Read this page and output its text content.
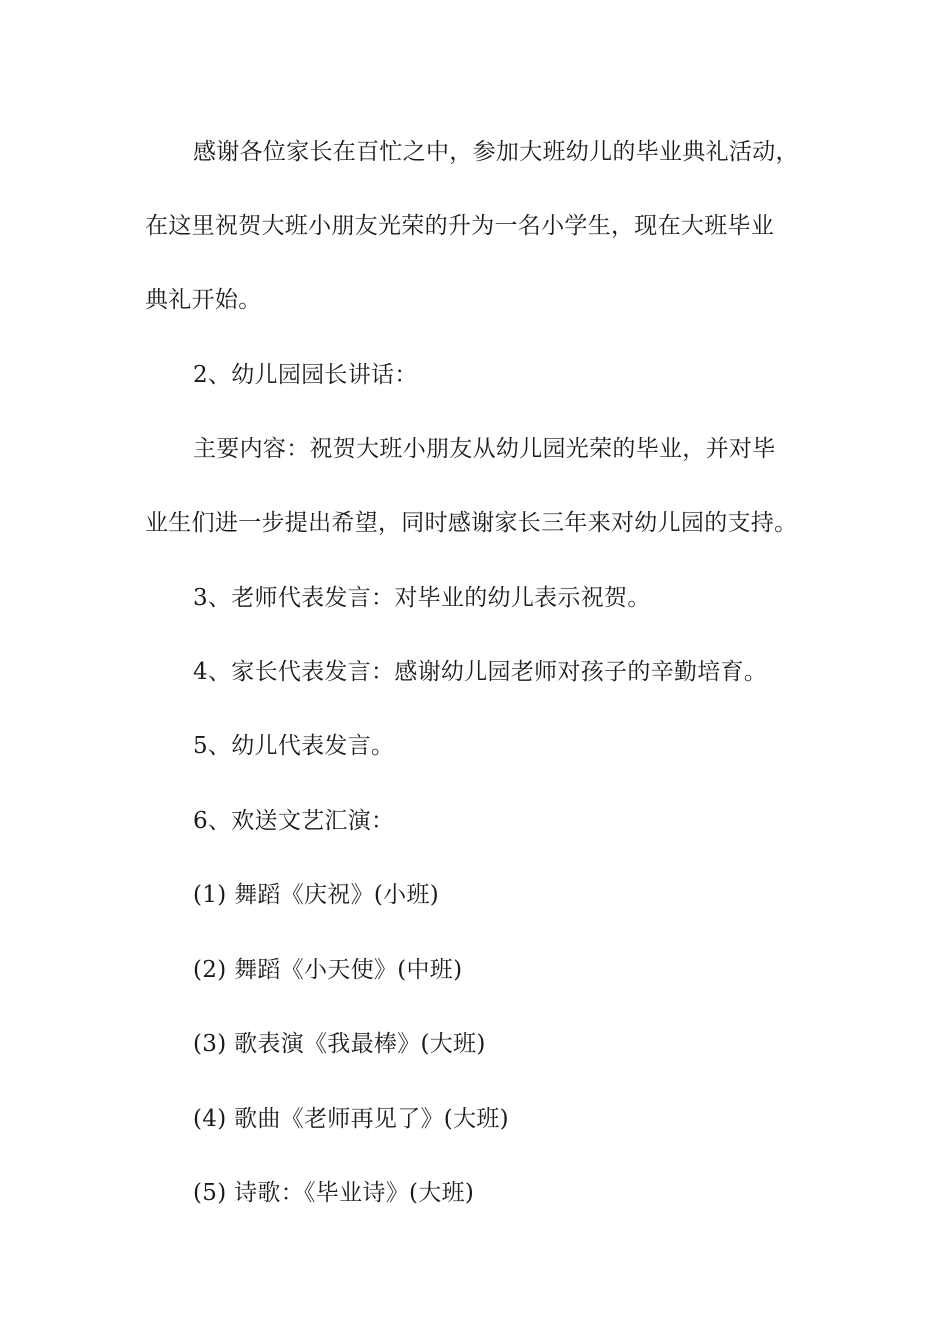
感谢各位家长在百忙之中，参加大班幼儿的毕业典礼活动，
在这里祝贺大班小朋友光荣的升为一名小学生，现在大班毕业
典礼开始。
2、幼儿园园长讲话：
主要内容：祝贺大班小朋友从幼儿园光荣的毕业，并对毕
业生们进一步提出希望，同时感谢家长三年来对幼儿园的支持。
3、老师代表发言：对毕业的幼儿表示祝贺。
4、家长代表发言：感谢幼儿园老师对孩子的辛勤培育。
5、幼儿代表发言。
6、欢送文艺汇演：
(1) 舞蹈《庆祝》(小班)
(2) 舞蹈《小天使》(中班)
(3) 歌表演《我最棒》(大班)
(4) 歌曲《老师再见了》(大班)
(5) 诗歌：《毕业诗》(大班)
